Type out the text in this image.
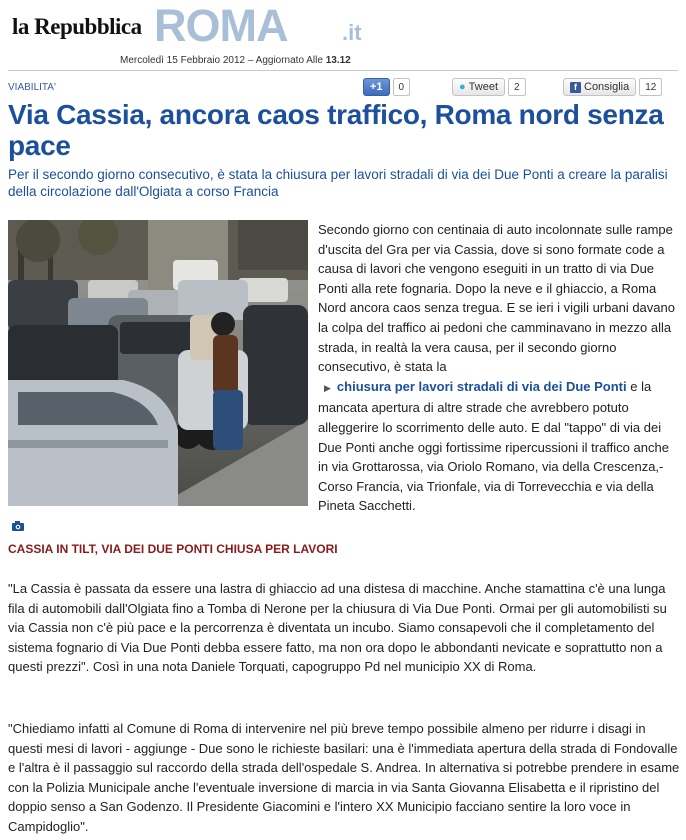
la Repubblica ROMA .it
Mercoledì 15 Febbraio 2012 – Aggiornato Alle 13.12
VIABILITA'	+1	0	● Tweet	2	f Consiglia	12
Via Cassia, ancora caos traffico, Roma nord senza pace
Per il secondo giorno consecutivo, è stata la chiusura per lavori stradali di via dei Due Ponti a creare la paralisi della circolazione dall'Olgiata a corso Francia
Secondo giorno con centinaia di auto incolonnate sulle rampe d'uscita del Gra per via Cassia, dove si sono formate code a causa di lavori che vengono eseguiti in un tratto di via Due Ponti alla rete fognaria. Dopo la neve e il ghiaccio, a Roma Nord ancora caos senza tregua. E se ieri i vigili urbani davano la colpa del traffico ai pedoni che camminavano in mezzo alla strada, in realtà la vera causa, per il secondo giorno consecutivo, è stata la
▶ chiusura per lavori stradali di via dei Due Ponti e la mancata apertura di altre strade che avrebbero potuto alleggerire lo scorrimento delle auto. E dal "tappo" di via dei Due Ponti anche oggi fortissime ripercussioni il traffico anche in via Grottarossa, via Oriolo Romano, via della Crescenza,- Corso Francia, via Trionfale, via di Torrevecchia e via della Pineta Sacchetti.
CASSIA IN TILT, VIA DEI DUE PONTI CHIUSA PER LAVORI

"La Cassia è passata da essere una lastra di ghiaccio ad una distesa di macchine. Anche stamattina c'è una lunga fila di automobili dall'Olgiata fino a Tomba di Nerone per la chiusura di Via Due Ponti. Ormai per gli automobilisti su via Cassia non c'è più pace e la percorrenza è diventata un incubo. Siamo consapevoli che il completamento del sistema fognario di Via Due Ponti debba essere fatto, ma non ora dopo le abbondanti nevicate e soprattutto non a questi prezzi". Così in una nota Daniele Torquati, capogruppo Pd nel municipio XX di Roma.

"Chiediamo infatti al Comune di Roma di intervenire nel più breve tempo possibile almeno per ridurre i disagi in questi mesi di lavori - aggiunge - Due sono le richieste basilari: una è l'immediata apertura della strada di Fondovalle e l'altra è il passaggio sul raccordo della strada dell'ospedale S. Andrea. In alternativa si potrebbe prendere in esame con la Polizia Municipale anche l'eventuale inversione di marcia in via Santa Giovanna Elisabetta e il ripristino del doppio senso a San Godenzo. Il Presidente Giacomini e l'intero XX Municipio facciano sentire la loro voce in Campidoglio".
